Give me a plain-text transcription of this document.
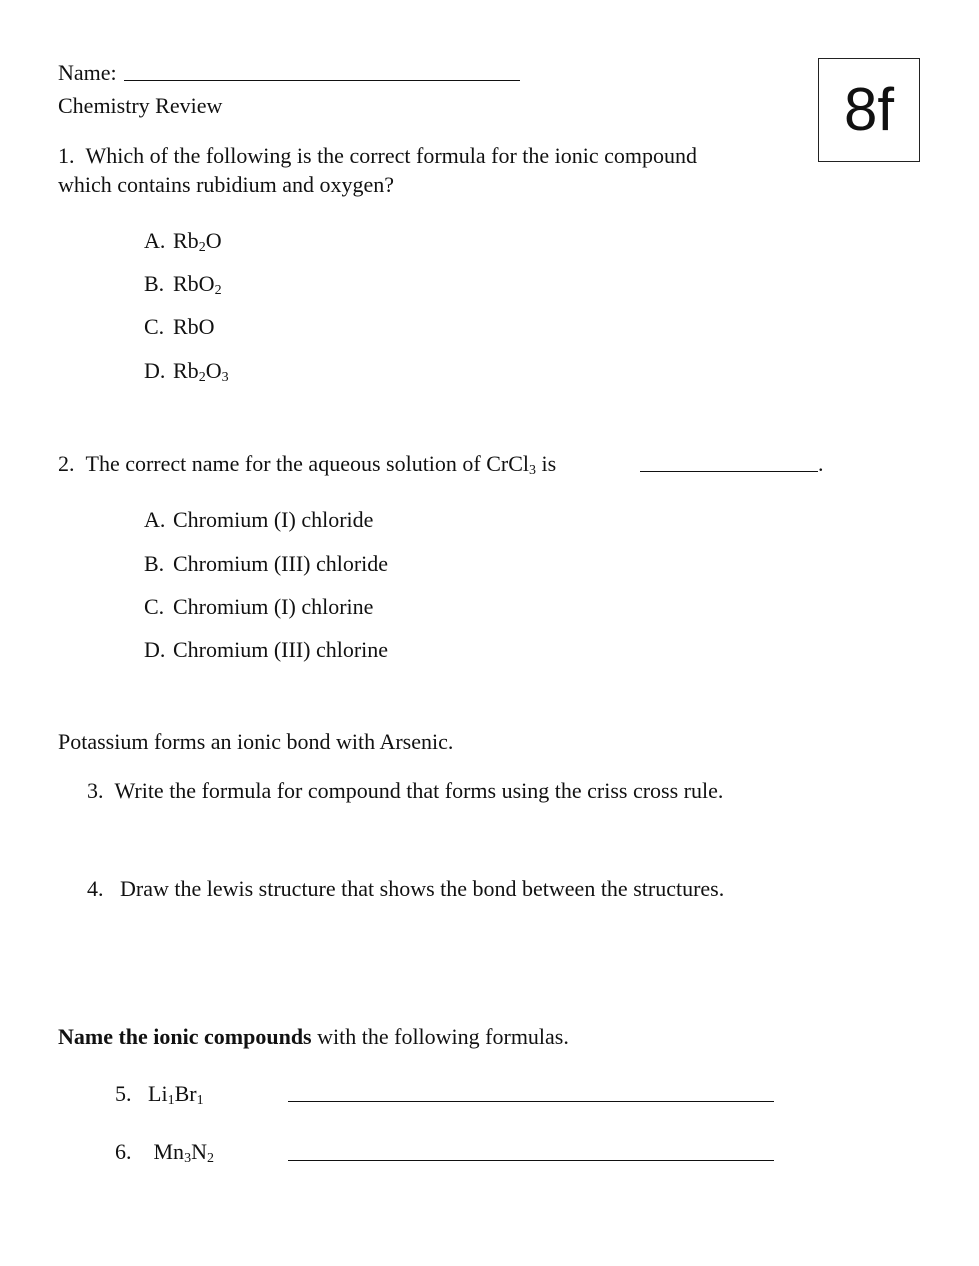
Name:
Chemistry Review	8f
1. Which of the following is the correct formula for the ionic compound
which contains rubidium and oxygen?
A. $Rb_2O$
B. RbO$_2$
C. RbO
D. $Rb_2O_3$
2. The correct name for the aqueous solution of CrCl$_3$ is	.
A. Chromium (I) chloride
B. Chromium (III) chloride
C. Chromium (I) chlorine
D. Chromium (III) chlorine
Potassium forms an ionic bond with Arsenic.
3. Write the formula for compound that forms using the criss cross rule.
4. Draw the lewis structure that shows the bond between the structures.
Name the ionic compounds with the following formulas.
5. $Li_1Br_1$
6. $Mn_3N_2$
